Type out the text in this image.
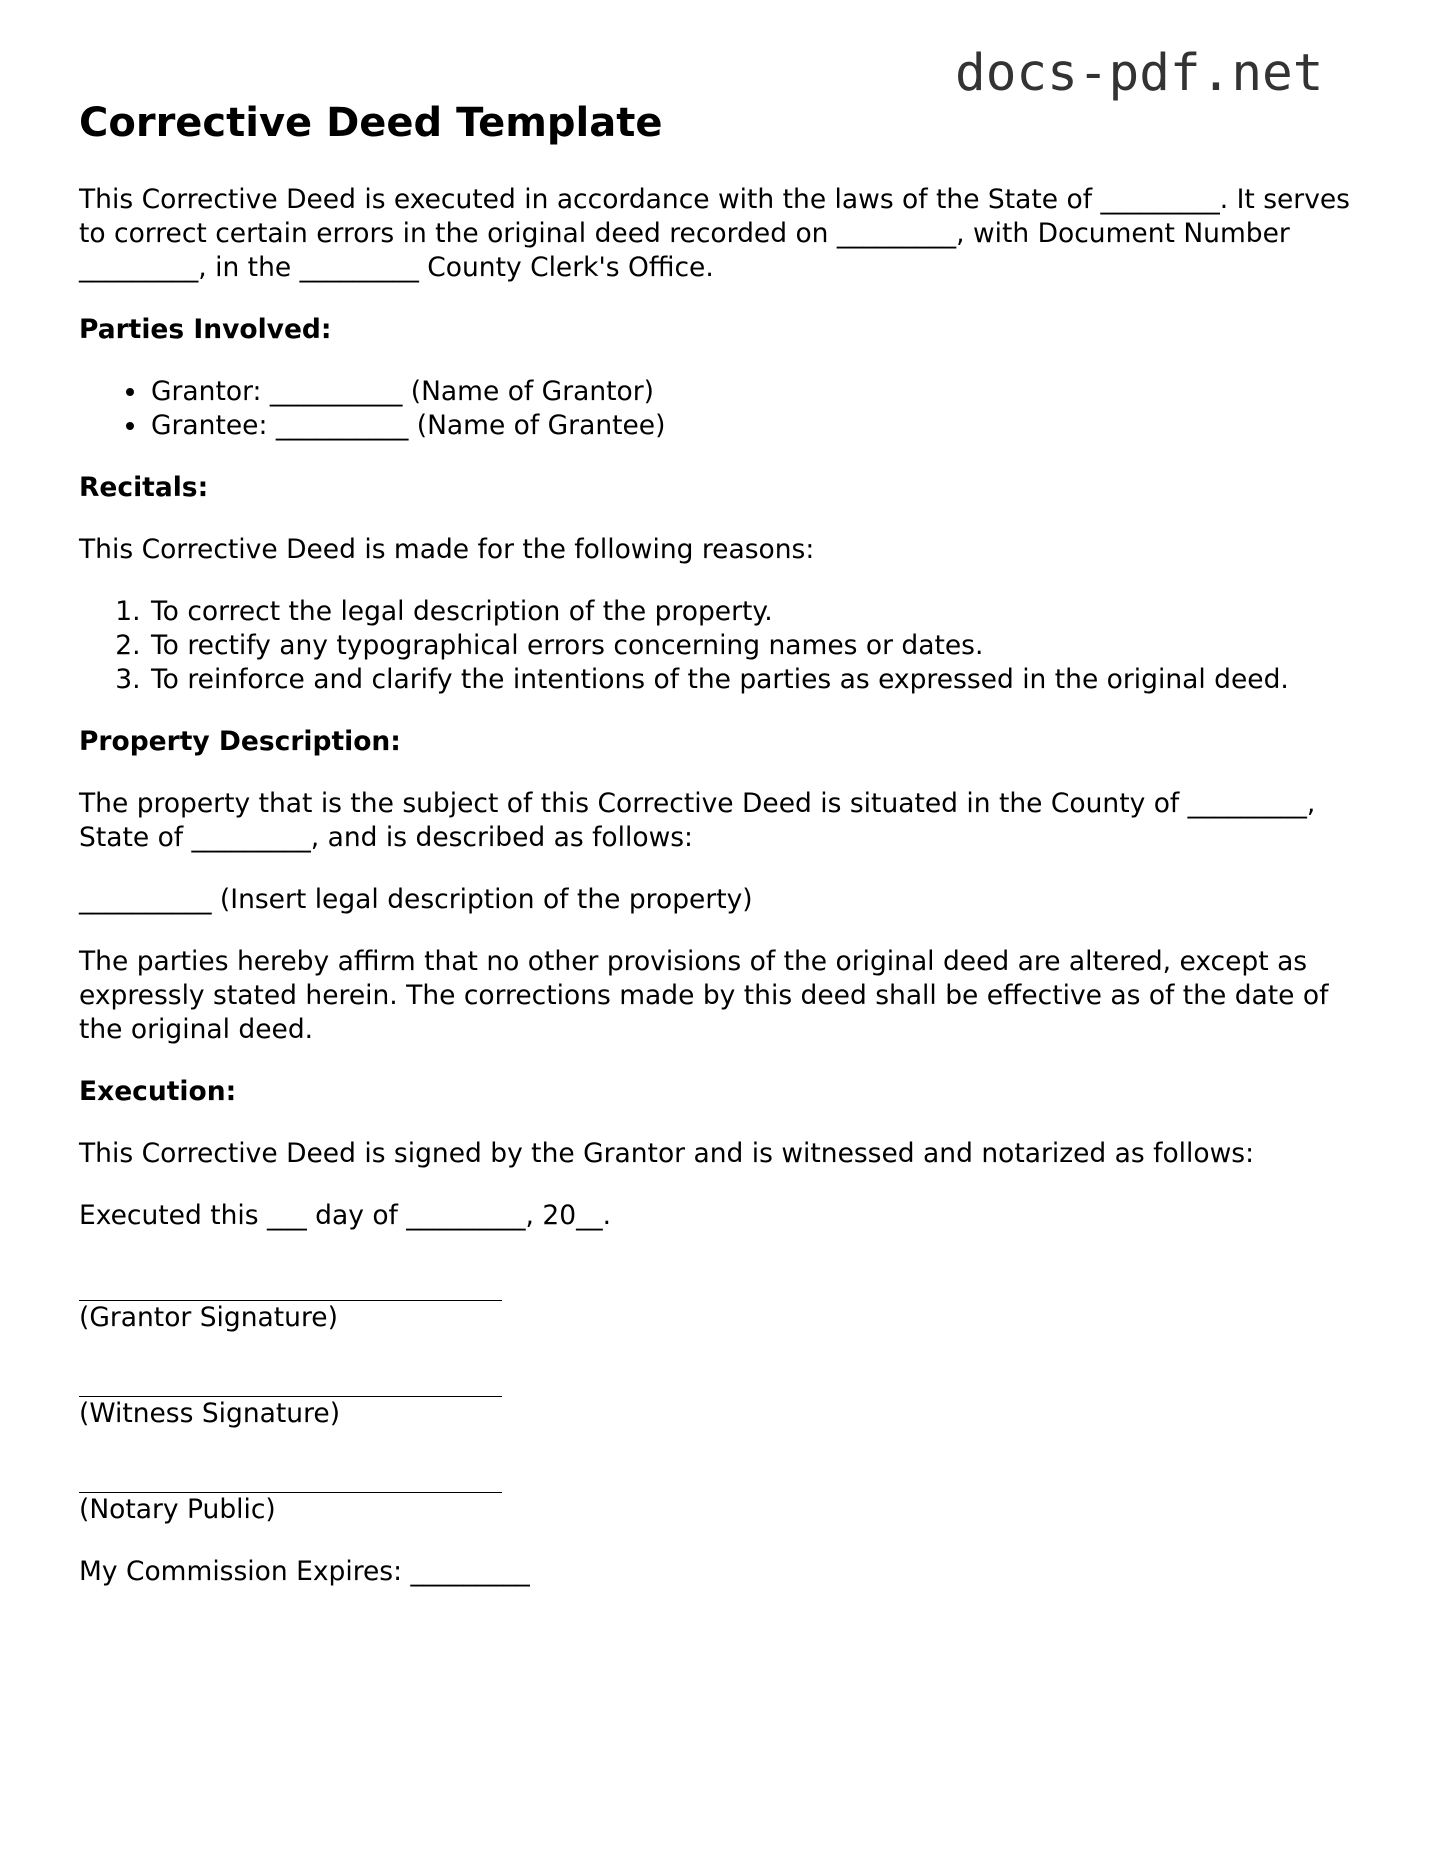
docs-pdf.net
Corrective Deed Template

This Corrective Deed is executed in accordance with the laws of the State of _________. It serves to correct certain errors in the original deed recorded on _________, with Document Number _________, in the _________ County Clerk's Office.

Parties Involved:

• Grantor: __________ (Name of Grantor)
• Grantee: __________ (Name of Grantee)

Recitals:

This Corrective Deed is made for the following reasons:

1. To correct the legal description of the property.
2. To rectify any typographical errors concerning names or dates.
3. To reinforce and clarify the intentions of the parties as expressed in the original deed.

Property Description:

The property that is the subject of this Corrective Deed is situated in the County of _________, State of _________, and is described as follows:

__________ (Insert legal description of the property)

The parties hereby affirm that no other provisions of the original deed are altered, except as expressly stated herein. The corrections made by this deed shall be effective as of the date of the original deed.

Execution:

This Corrective Deed is signed by the Grantor and is witnessed and notarized as follows:

Executed this ___ day of _________, 20__.

(Grantor Signature)
(Witness Signature)
(Notary Public)

My Commission Expires: _________
